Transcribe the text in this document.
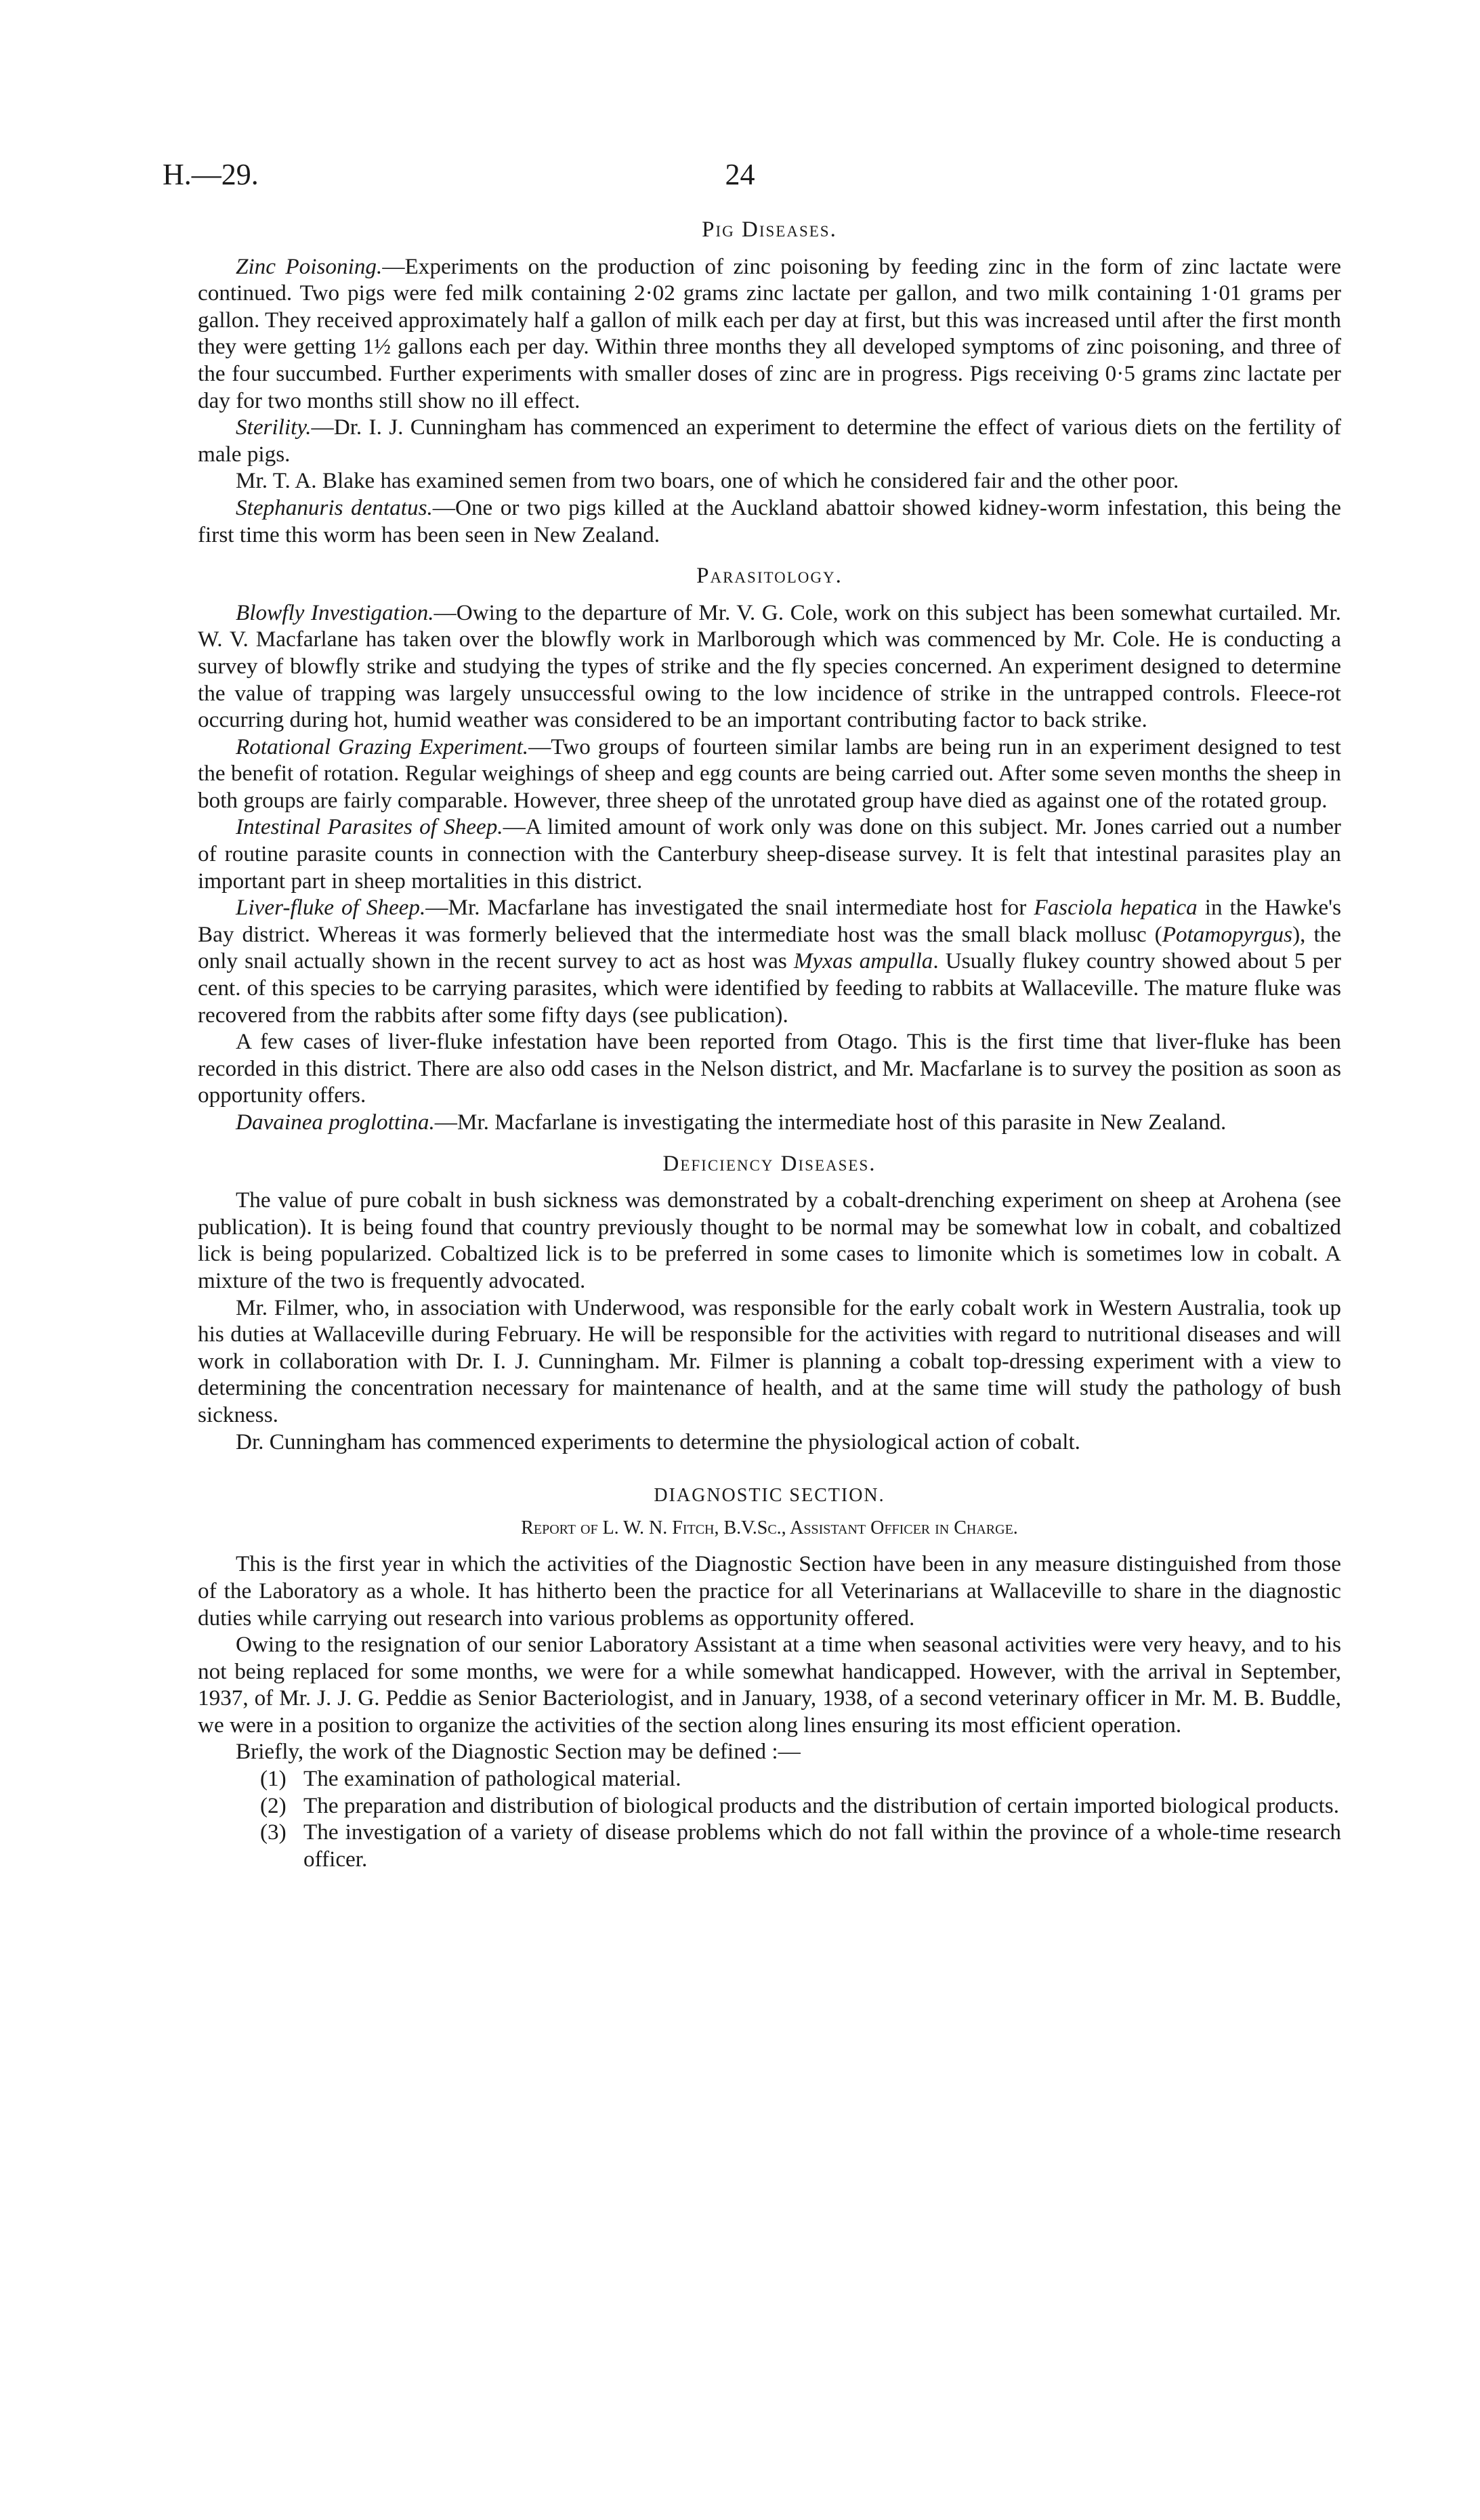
H.—29.	24
Pig Diseases.

Zinc Poisoning.—Experiments on the production of zinc poisoning by feeding zinc in the form of zinc lactate were continued. Two pigs were fed milk containing 2·02 grams zinc lactate per gallon, and two milk containing 1·01 grams per gallon. They received approximately half a gallon of milk each per day at first, but this was increased until after the first month they were getting 1½ gallons each per day. Within three months they all developed symptoms of zinc poisoning, and three of the four succumbed. Further experiments with smaller doses of zinc are in progress. Pigs receiving 0·5 grams zinc lactate per day for two months still show no ill effect.

Sterility.—Dr. I. J. Cunningham has commenced an experiment to determine the effect of various diets on the fertility of male pigs.

Mr. T. A. Blake has examined semen from two boars, one of which he considered fair and the other poor.

Stephanuris dentatus.—One or two pigs killed at the Auckland abattoir showed kidney-worm infestation, this being the first time this worm has been seen in New Zealand.

Parasitology.

Blowfly Investigation.—Owing to the departure of Mr. V. G. Cole, work on this subject has been somewhat curtailed. Mr. W. V. Macfarlane has taken over the blowfly work in Marlborough which was commenced by Mr. Cole. He is conducting a survey of blowfly strike and studying the types of strike and the fly species concerned. An experiment designed to determine the value of trapping was largely unsuccessful owing to the low incidence of strike in the untrapped controls. Fleece-rot occurring during hot, humid weather was considered to be an important contributing factor to back strike.

Rotational Grazing Experiment.—Two groups of fourteen similar lambs are being run in an experiment designed to test the benefit of rotation. Regular weighings of sheep and egg counts are being carried out. After some seven months the sheep in both groups are fairly comparable. However, three sheep of the unrotated group have died as against one of the rotated group.

Intestinal Parasites of Sheep.—A limited amount of work only was done on this subject. Mr. Jones carried out a number of routine parasite counts in connection with the Canterbury sheep-disease survey. It is felt that intestinal parasites play an important part in sheep mortalities in this district.

Liver-fluke of Sheep.—Mr. Macfarlane has investigated the snail intermediate host for Fasciola hepatica in the Hawke's Bay district. Whereas it was formerly believed that the intermediate host was the small black mollusc (Potamopyrgus), the only snail actually shown in the recent survey to act as host was Myxas ampulla. Usually flukey country showed about 5 per cent. of this species to be carrying parasites, which were identified by feeding to rabbits at Wallaceville. The mature fluke was recovered from the rabbits after some fifty days (see publication).

A few cases of liver-fluke infestation have been reported from Otago. This is the first time that liver-fluke has been recorded in this district. There are also odd cases in the Nelson district, and Mr. Macfarlane is to survey the position as soon as opportunity offers.

Davainea proglottina.—Mr. Macfarlane is investigating the intermediate host of this parasite in New Zealand.

Deficiency Diseases.

The value of pure cobalt in bush sickness was demonstrated by a cobalt-drenching experiment on sheep at Arohena (see publication). It is being found that country previously thought to be normal may be somewhat low in cobalt, and cobaltized lick is being popularized. Cobaltized lick is to be preferred in some cases to limonite which is sometimes low in cobalt. A mixture of the two is frequently advocated.

Mr. Filmer, who, in association with Underwood, was responsible for the early cobalt work in Western Australia, took up his duties at Wallaceville during February. He will be responsible for the activities with regard to nutritional diseases and will work in collaboration with Dr. I. J. Cunningham. Mr. Filmer is planning a cobalt top-dressing experiment with a view to determining the concentration necessary for maintenance of health, and at the same time will study the pathology of bush sickness.

Dr. Cunningham has commenced experiments to determine the physiological action of cobalt.

DIAGNOSTIC SECTION.
Report of L. W. N. Fitch, B.V.Sc., Assistant Officer in Charge.

This is the first year in which the activities of the Diagnostic Section have been in any measure distinguished from those of the Laboratory as a whole. It has hitherto been the practice for all Veterinarians at Wallaceville to share in the diagnostic duties while carrying out research into various problems as opportunity offered.

Owing to the resignation of our senior Laboratory Assistant at a time when seasonal activities were very heavy, and to his not being replaced for some months, we were for a while somewhat handicapped. However, with the arrival in September, 1937, of Mr. J. J. G. Peddie as Senior Bacteriologist, and in January, 1938, of a second veterinary officer in Mr. M. B. Buddle, we were in a position to organize the activities of the section along lines ensuring its most efficient operation.

Briefly, the work of the Diagnostic Section may be defined :—

(1) The examination of pathological material.
(2) The preparation and distribution of biological products and the distribution of certain imported biological products.
(3) The investigation of a variety of disease problems which do not fall within the province of a whole-time research officer.
